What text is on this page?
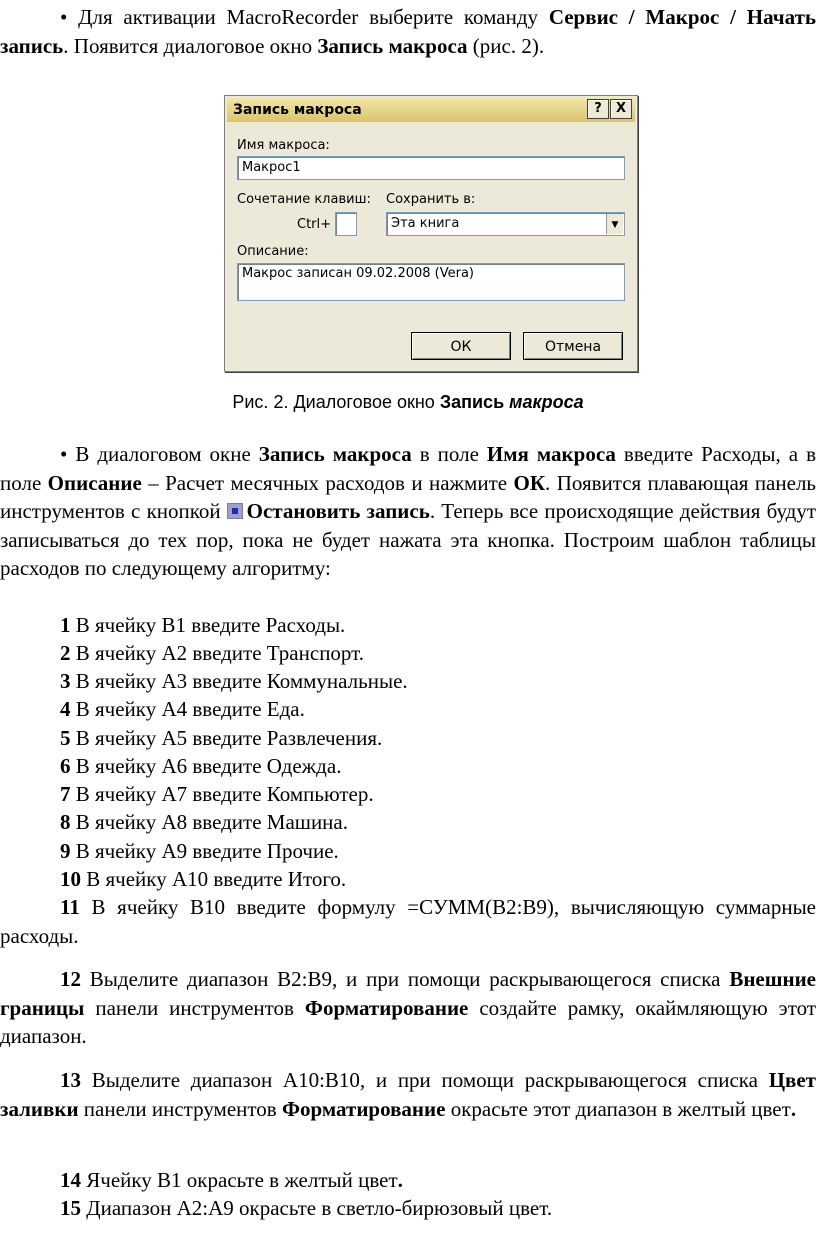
• Для активации MacroRecorder выберите команду Сервис / Макрос / Начать запись. Появится диалоговое окно Запись макроса (рис. 2).

Запись макроса	?	X
Имя макроса:
Макрос1
Сочетание клавиш:
Ctrl+
Сохранить в:
Эта книга	▼
Описание:
Макрос записан 09.02.2008 (Vera)
ОК	Отмена
Рис. 2. Диалоговое окно Запись макроса

• В диалоговом окне Запись макроса в поле Имя макроса введите Расходы, а в поле Описание – Расчет месячных расходов и нажмите ОК. Появится плавающая панель инструментов с кнопкой Остановить запись. Теперь все происходящие действия будут записываться до тех пор, пока не будет нажата эта кнопка. Построим шаблон таблицы расходов по следующему алгоритму:

1 В ячейку В1 введите Расходы.
2 В ячейку А2 введите Транспорт.
3 В ячейку А3 введите Коммунальные.
4 В ячейку А4 введите Еда.
5 В ячейку А5 введите Развлечения.
6 В ячейку А6 введите Одежда.
7 В ячейку А7 введите Компьютер.
8 В ячейку А8 введите Машина.
9 В ячейку А9 введите Прочие.
10 В ячейку А10 введите Итого.

11 В ячейку В10 введите формулу =СУММ(В2:В9), вычисляющую суммарные расходы.

12 Выделите диапазон В2:В9, и при помощи раскрывающегося списка Внешние границы панели инструментов Форматирование создайте рамку, окаймляющую этот диапазон.

13 Выделите диапазон А10:В10, и при помощи раскрывающегося списка Цвет заливки панели инструментов Форматирование окрасьте этот диапазон в желтый цвет.

14 Ячейку В1 окрасьте в желтый цвет.
15 Диапазон А2:А9 окрасьте в светло-бирюзовый цвет.
